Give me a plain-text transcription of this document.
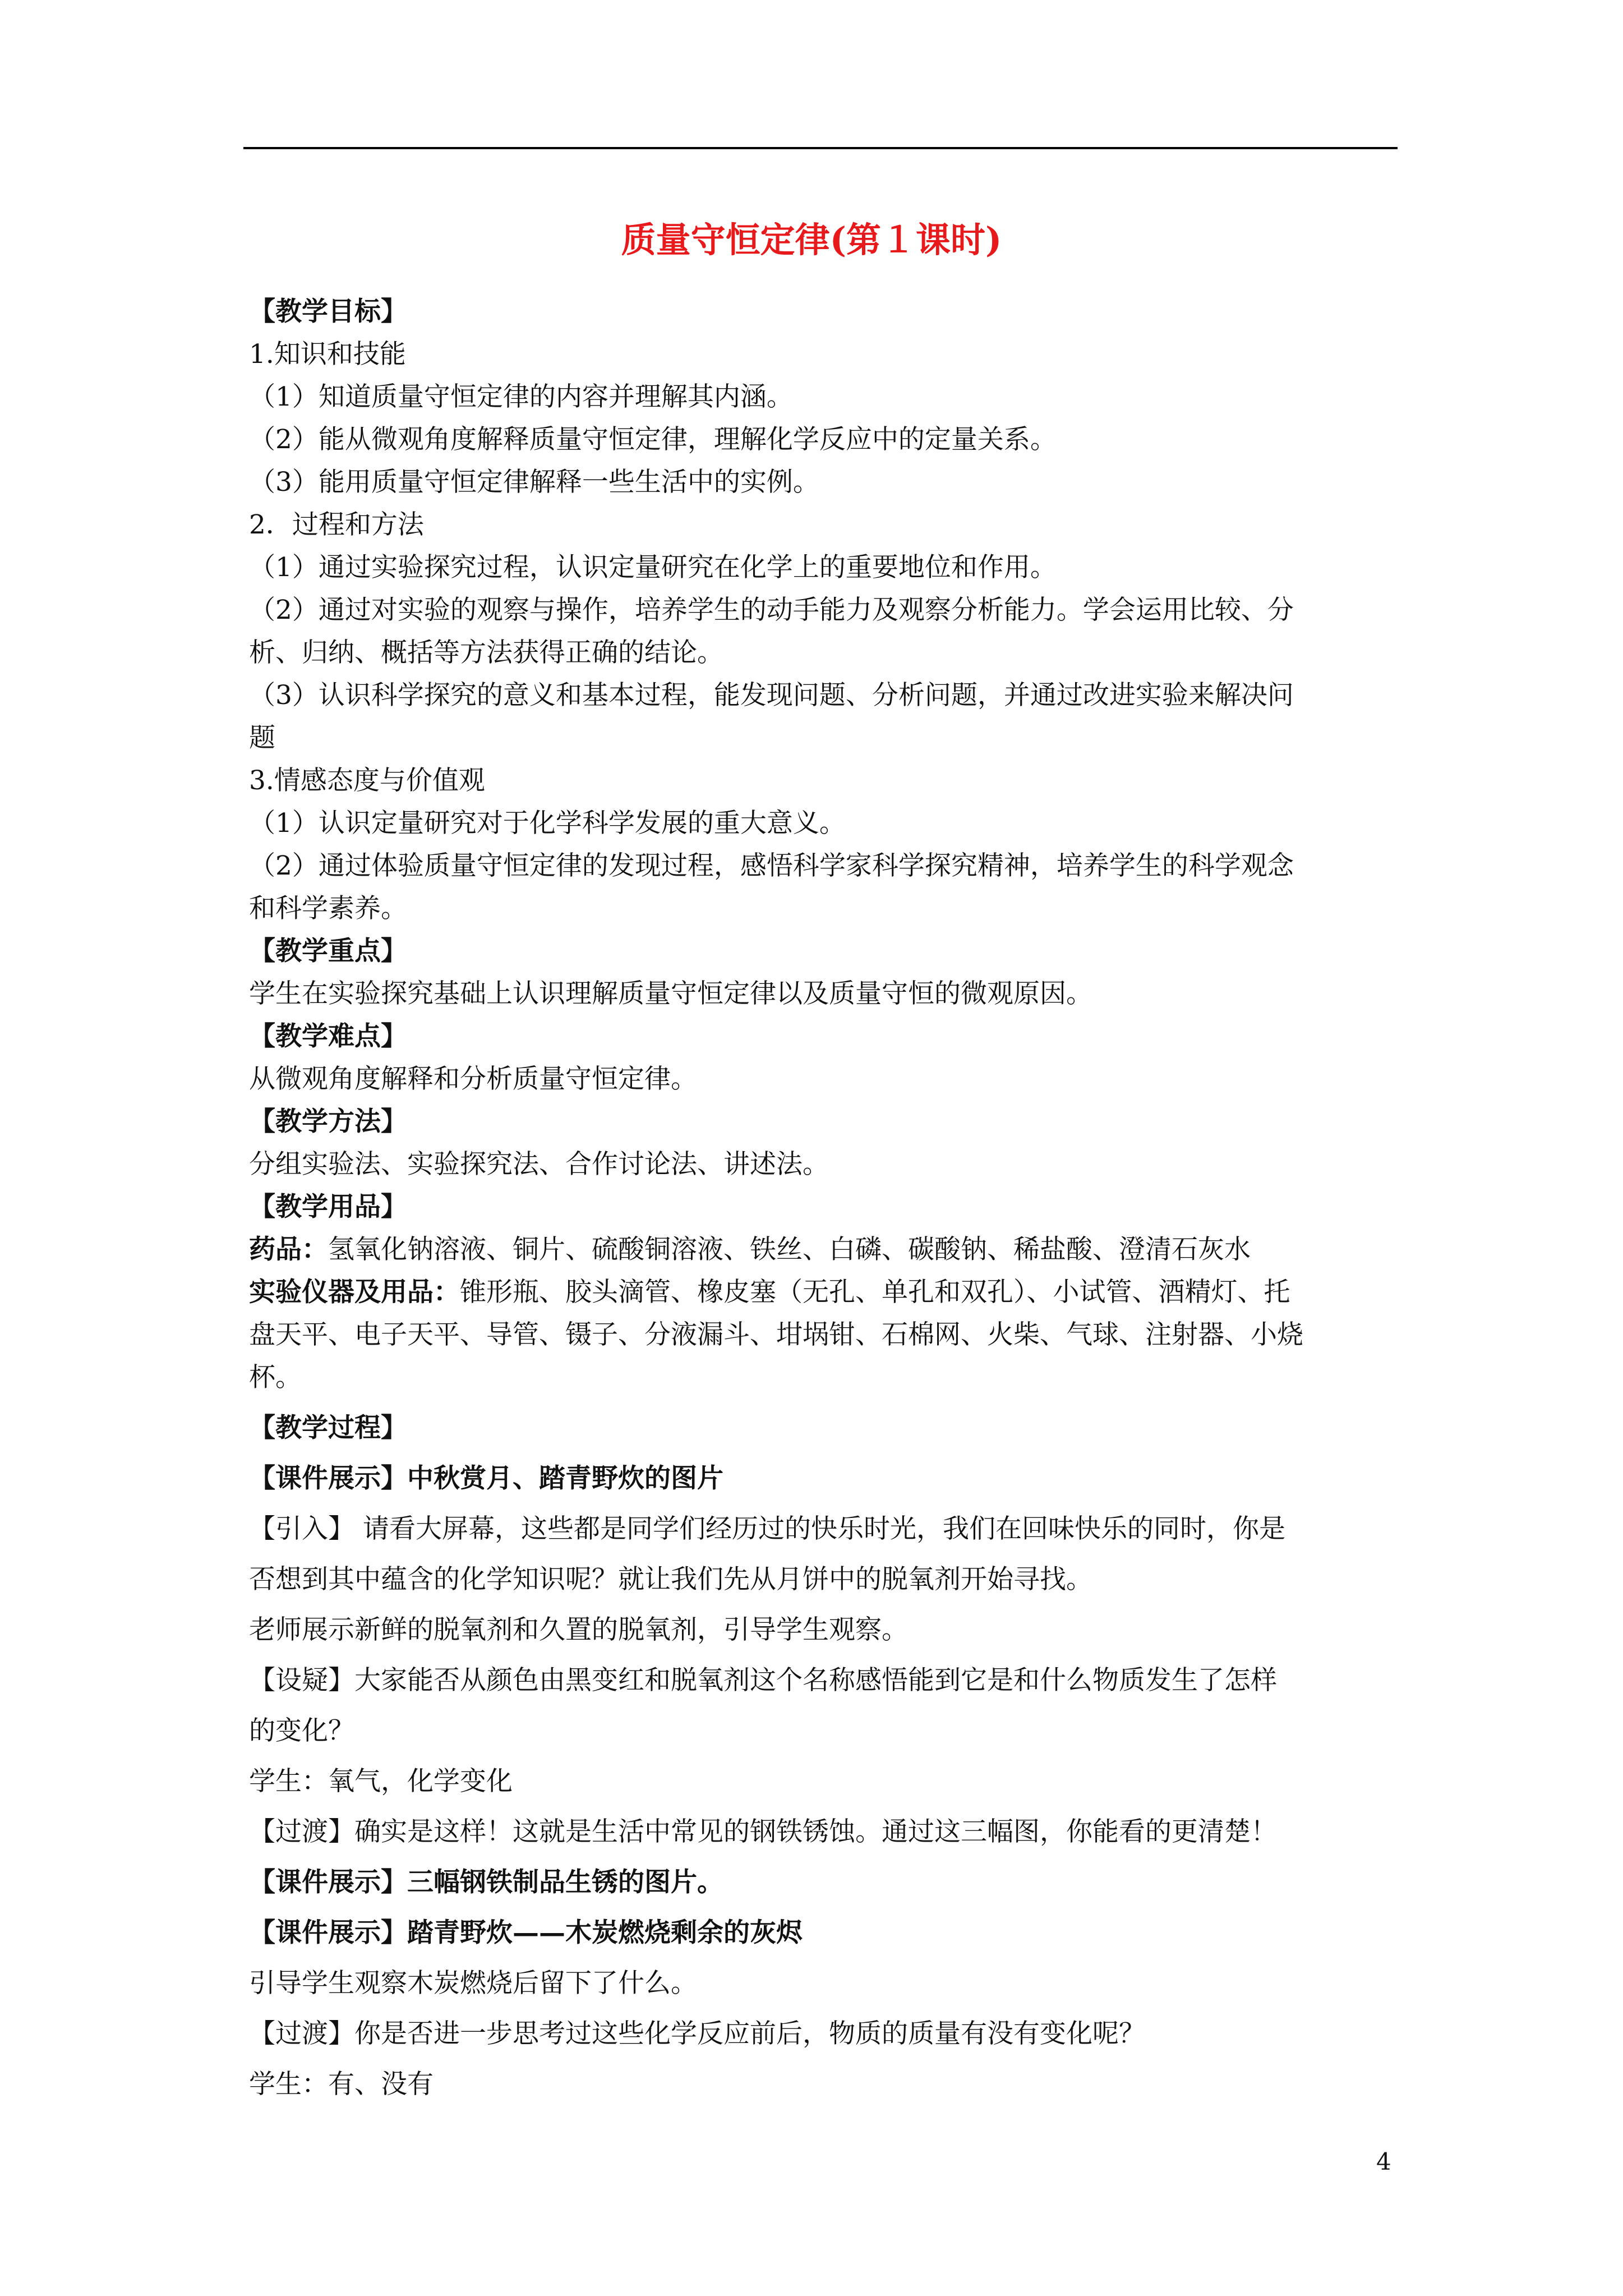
质量守恒定律(第１课时)
【教学目标】
1.知识和技能
（1）知道质量守恒定律的内容并理解其内涵。
（2）能从微观角度解释质量守恒定律，理解化学反应中的定量关系。
（3）能用质量守恒定律解释一些生活中的实例。
2．过程和方法
（1）通过实验探究过程，认识定量研究在化学上的重要地位和作用。
（2）通过对实验的观察与操作，培养学生的动手能力及观察分析能力。学会运用比较、分
析、归纳、概括等方法获得正确的结论。
（3）认识科学探究的意义和基本过程，能发现问题、分析问题，并通过改进实验来解决问
题
3.情感态度与价值观
（1）认识定量研究对于化学科学发展的重大意义。
（2）通过体验质量守恒定律的发现过程，感悟科学家科学探究精神，培养学生的科学观念
和科学素养。
【教学重点】
学生在实验探究基础上认识理解质量守恒定律以及质量守恒的微观原因。
【教学难点】
从微观角度解释和分析质量守恒定律。
【教学方法】
分组实验法、实验探究法、合作讨论法、讲述法。
【教学用品】
药品：氢氧化钠溶液、铜片、硫酸铜溶液、铁丝、白磷、碳酸钠、稀盐酸、澄清石灰水
实验仪器及用品：锥形瓶、胶头滴管、橡皮塞（无孔、单孔和双孔）、小试管、酒精灯、托
盘天平、电子天平、导管、镊子、分液漏斗、坩埚钳、石棉网、火柴、气球、注射器、小烧
杯。
【教学过程】
【课件展示】中秋赏月、踏青野炊的图片
【引入】 请看大屏幕，这些都是同学们经历过的快乐时光，我们在回味快乐的同时，你是
否想到其中蕴含的化学知识呢？就让我们先从月饼中的脱氧剂开始寻找。
老师展示新鲜的脱氧剂和久置的脱氧剂，引导学生观察。
【设疑】大家能否从颜色由黑变红和脱氧剂这个名称感悟能到它是和什么物质发生了怎样
的变化？
学生：氧气，化学变化
【过渡】确实是这样！这就是生活中常见的钢铁锈蚀。通过这三幅图，你能看的更清楚！
【课件展示】三幅钢铁制品生锈的图片。
【课件展示】踏青野炊——木炭燃烧剩余的灰烬
引导学生观察木炭燃烧后留下了什么。
【过渡】你是否进一步思考过这些化学反应前后，物质的质量有没有变化呢？
学生：有、没有
4
